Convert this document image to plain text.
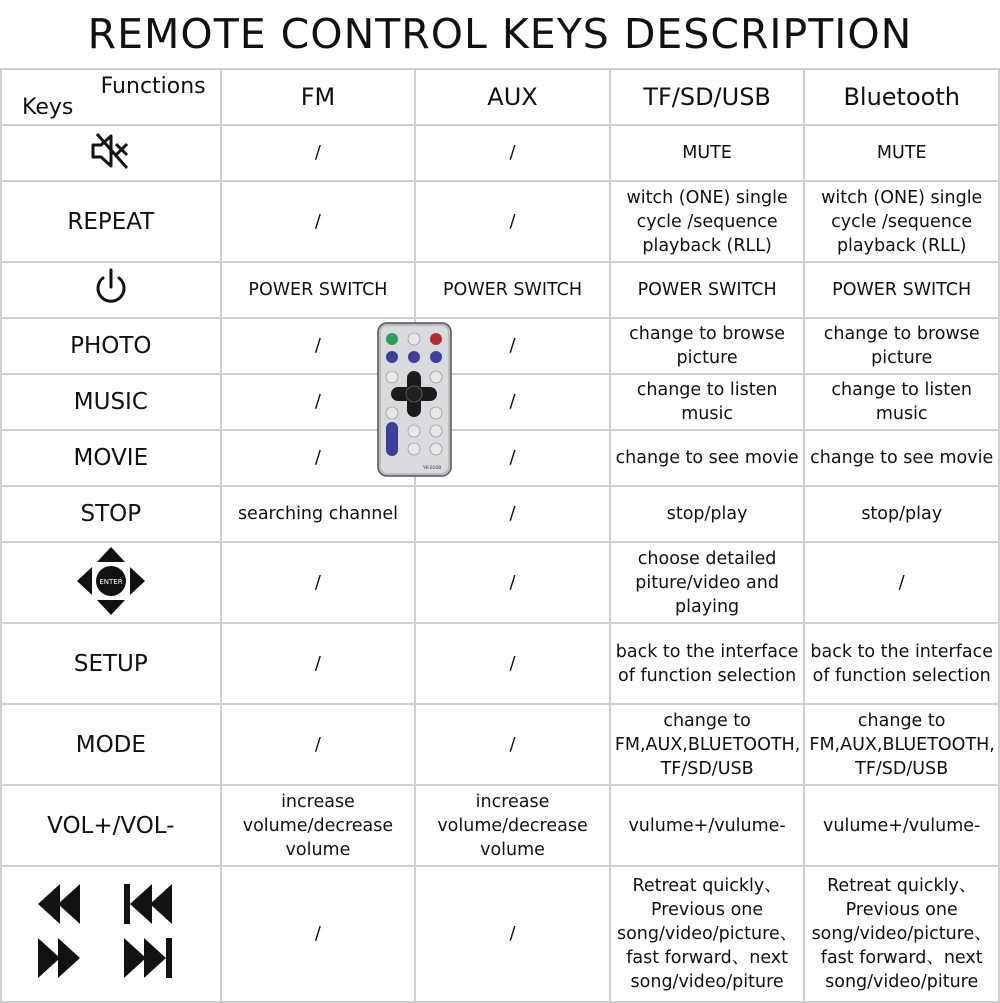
REMOTE CONTROL KEYS DESCRIPTION
Functions
Keys	FM	AUX	TF/SD/USB	Bluetooth
	/	/	MUTE	MUTE
REPEAT	/	/	witch (ONE) single cycle /sequence playback (RLL)	witch (ONE) single cycle /sequence playback (RLL)
	POWER SWITCH	POWER SWITCH	POWER SWITCH	POWER SWITCH
PHOTO	/	/	change to browse picture	change to browse picture
MUSIC	/	/	change to listen music	change to listen music
MOVIE	/	/	change to see movie	change to see movie
STOP	searching channel	/	stop/play	stop/play

ENTER	/	/	choose detailed piture/video and playing	/
SETUP	/	/	back to the interface of function selection	back to the interface of function selection
MODE	/	/	change to FM,AUX,BLUETOOTH, TF/SD/USB	change to FM,AUX,BLUETOOTH, TF/SD/USB
VOL+/VOL-	increase volume/decrease volume	increase volume/decrease volume	vulume+/vulume-	vulume+/vulume-
	/	/	Retreat quickly、Previous one song/video/picture、fast forward、next song/video/piture	Retreat quickly、Previous one song/video/picture、fast forward、next song/video/piture
YK-0108
